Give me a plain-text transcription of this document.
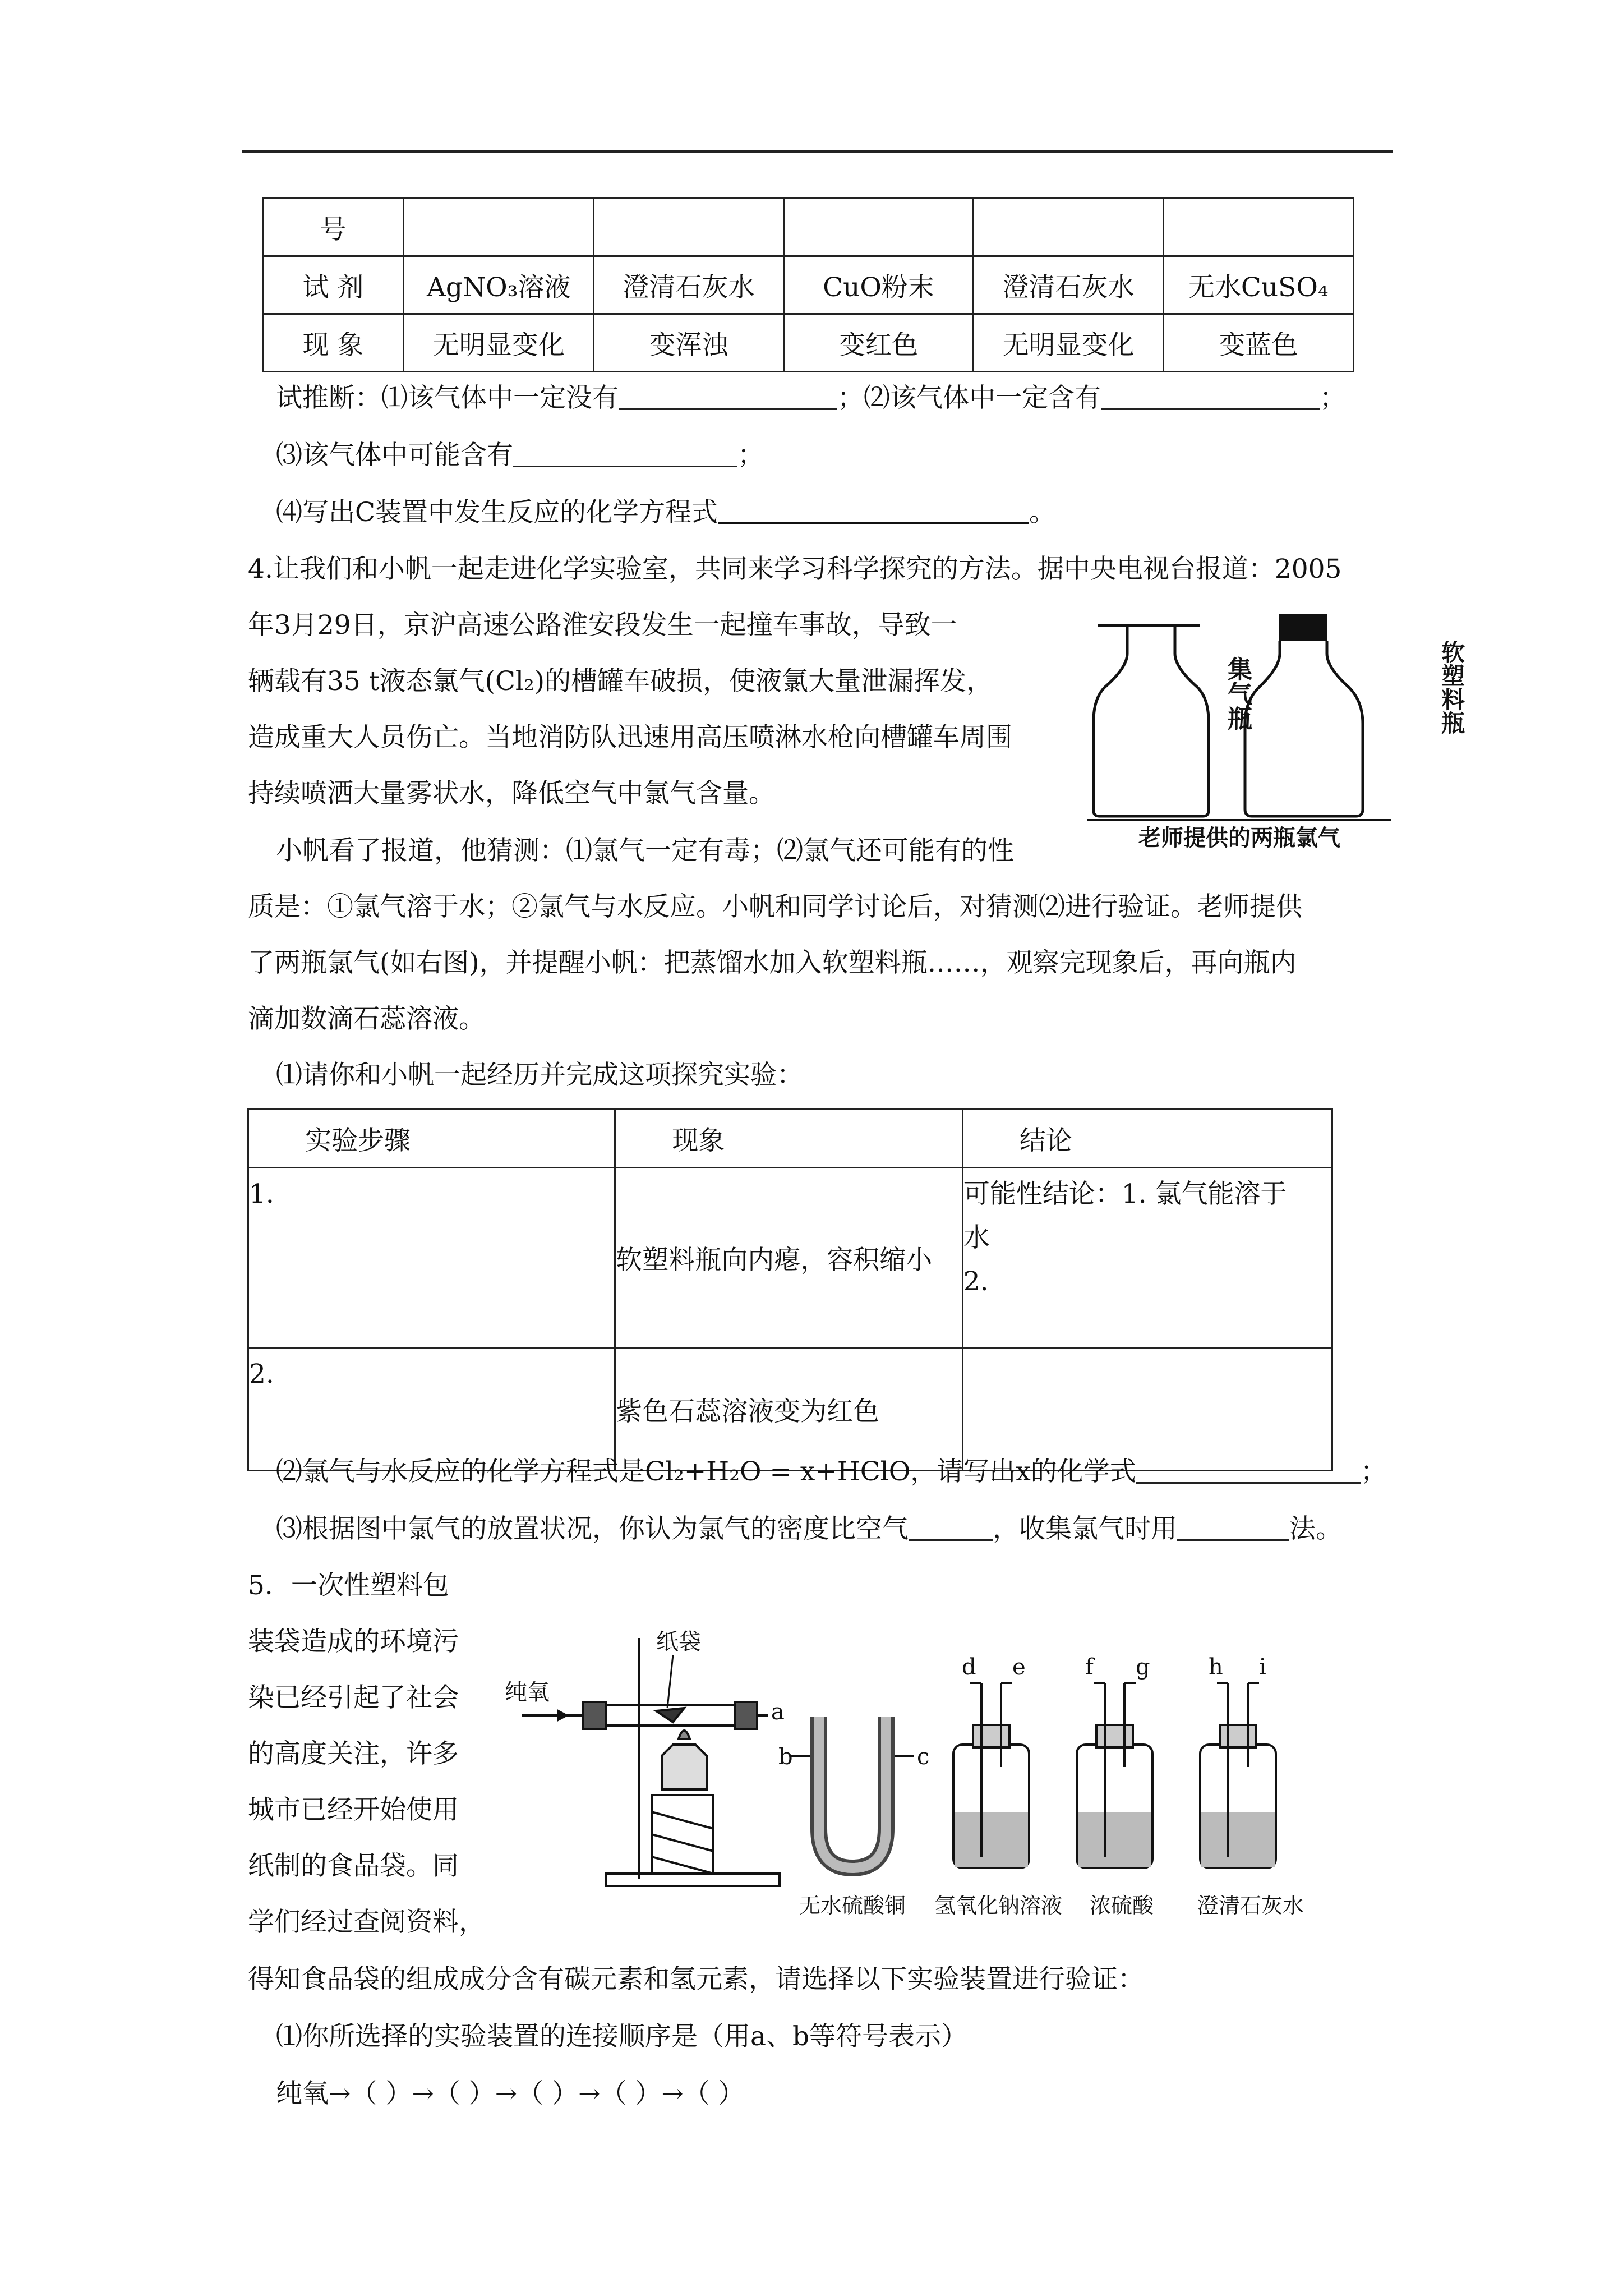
号					
试 剂	AgNO₃溶液	澄清石灰水	CuO粉末	澄清石灰水	无水CuSO₄
现 象	无明显变化	变浑浊	变红色	无明显变化	变蓝色
试推断：⑴该气体中一定没有	；⑵该气体中一定含有	；
⑶该气体中可能含有	；
⑷写出C装置中发生反应的化学方程式	。
4.让我们和小帆一起走进化学实验室，共同来学习科学探究的方法。据中央电视台报道：2005
年3月29日，京沪高速公路淮安段发生一起撞车事故，导致一
辆载有35 t液态氯气(Cl₂)的槽罐车破损，使液氯大量泄漏挥发，
造成重大人员伤亡。当地消防队迅速用高压喷淋水枪向槽罐车周围
持续喷洒大量雾状水，降低空气中氯气含量。
小帆看了报道，他猜测：⑴氯气一定有毒；⑵氯气还可能有的性
质是：①氯气溶于水；②氯气与水反应。小帆和同学讨论后，对猜测⑵进行验证。老师提供
了两瓶氯气(如右图)，并提醒小帆：把蒸馏水加入软塑料瓶……，观察完现象后，再向瓶内
滴加数滴石蕊溶液。
⑴请你和小帆一起经历并完成这项探究实验：
集气瓶
软塑料瓶
老师提供的两瓶氯气
实验步骤	现象	结论
1.	软塑料瓶向内瘪，容积缩小	可能性结论：1. 氯气能溶于
水
2.

2.	紫色石蕊溶液变为红色	
⑵氯气与水反应的化学方程式是Cl₂+H₂O = x+HClO，请写出x的化学式	；
⑶根据图中氯气的放置状况，你认为氯气的密度比空气	，收集氯气时用	法。
5．一次性塑料包
装袋造成的环境污
染已经引起了社会
的高度关注，许多
城市已经开始使用
纸制的食品袋。同
学们经过查阅资料，
得知食品袋的组成成分含有碳元素和氢元素，请选择以下实验装置进行验证：
⑴你所选择的实验装置的连接顺序是（用a、b等符号表示）
纯氧→（ ）→（ ）→（ ）→（ ）→（ ）
纯氧
纸袋
a
b	c
d e	f g	h i
无水硫酸铜 氢氧化钠溶液 浓硫酸 澄清石灰水
